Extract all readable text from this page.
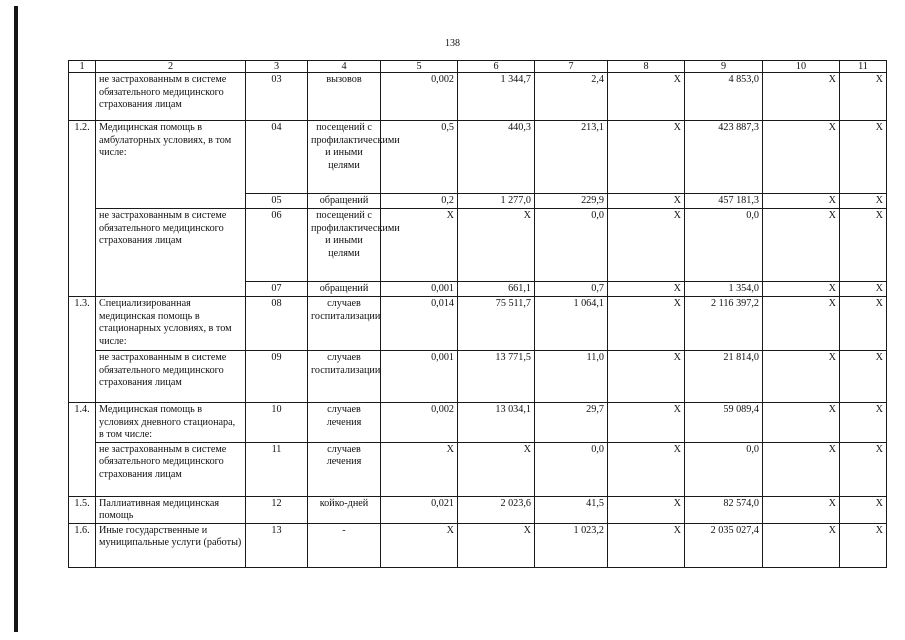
138
1	2	3	4	5	6	7	8	9	10	11
	не застрахованным в системе обязательного медицинского страхования лицам	03	вызовов	0,002	1 344,7	2,4	X	4 853,0	X	X
1.2.	Медицинская помощь в амбулаторных условиях, в том числе:	04	посещений с профилактическими и иными целями	0,5	440,3	213,1	X	423 887,3	X	X
		05	обращений	0,2	1 277,0	229,9	X	457 181,3	X	X
	не застрахованным в системе обязательного медицинского страхования лицам	06	посещений с профилактическими и иными целями	X	X	0,0	X	0,0	X	X
		07	обращений	0,001	661,1	0,7	X	1 354,0	X	X
1.3.	Специализированная медицинская помощь в стационарных условиях, в том числе:	08	случаев госпитализации	0,014	75 511,7	1 064,1	X	2 116 397,2	X	X
	не застрахованным в системе обязательного медицинского страхования лицам	09	случаев госпитализации	0,001	13 771,5	11,0	X	21 814,0	X	X
1.4.	Медицинская помощь в условиях дневного стационара, в том числе:	10	случаев лечения	0,002	13 034,1	29,7	X	59 089,4	X	X
	не застрахованным в системе обязательного медицинского страхования лицам	11	случаев лечения	X	X	0,0	X	0,0	X	X
1.5.	Паллиативная медицинская помощь	12	койко-дней	0,021	2 023,6	41,5	X	82 574,0	X	X
1.6.	Иные государственные и муниципальные услуги (работы)	13	-	X	X	1 023,2	X	2 035 027,4	X	X
